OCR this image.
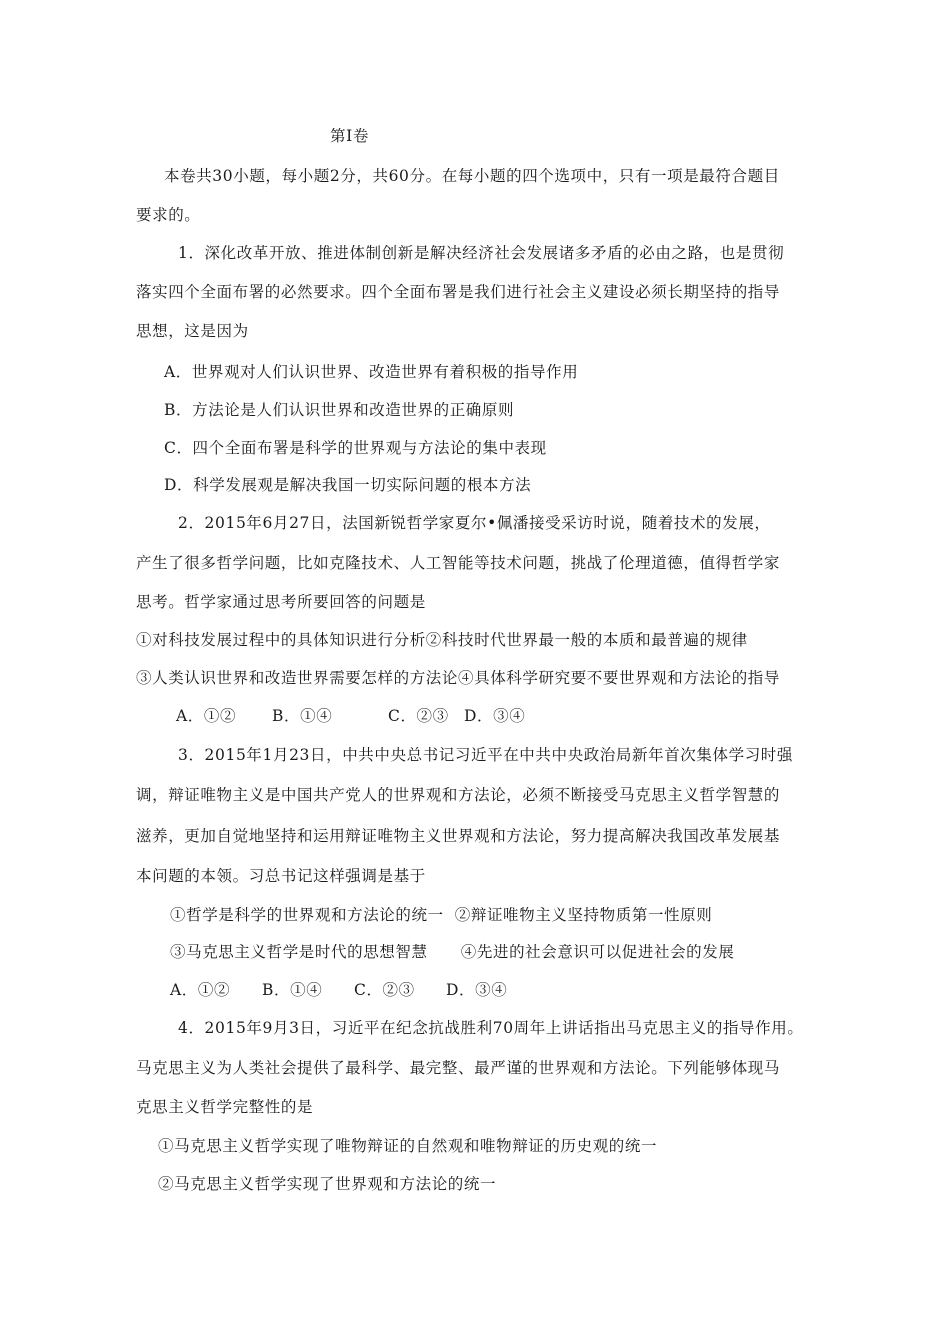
第Ⅰ卷
本卷共30小题，每小题2分，共60分。在每小题的四个选项中，只有一项是最符合题目
要求的。
1．深化改革开放、推进体制创新是解决经济社会发展诸多矛盾的必由之路，也是贯彻
落实四个全面布署的必然要求。四个全面布署是我们进行社会主义建设必须长期坚持的指导
思想，这是因为
A．世界观对人们认识世界、改造世界有着积极的指导作用
B．方法论是人们认识世界和改造世界的正确原则
C．四个全面布署是科学的世界观与方法论的集中表现
D．科学发展观是解决我国一切实际问题的根本方法
2．2015年6月27日，法国新锐哲学家夏尔•佩潘接受采访时说，随着技术的发展，
产生了很多哲学问题，比如克隆技术、人工智能等技术问题，挑战了伦理道德，值得哲学家
思考。哲学家通过思考所要回答的问题是
①对科技发展过程中的具体知识进行分析②科技时代世界最一般的本质和最普遍的规律
③人类认识世界和改造世界需要怎样的方法论④具体科学研究要不要世界观和方法论的指导
A．①② B．①④	C．②③ D．③④
3．2015年1月23日，中共中央总书记习近平在中共中央政治局新年首次集体学习时强
调，辩证唯物主义是中国共产党人的世界观和方法论，必须不断接受马克思主义哲学智慧的
滋养，更加自觉地坚持和运用辩证唯物主义世界观和方法论，努力提高解决我国改革发展基
本问题的本领。习总书记这样强调是基于
①哲学是科学的世界观和方法论的统一  ②辩证唯物主义坚持物质第一性原则
③马克思主义哲学是时代的思想智慧      ④先进的社会意识可以促进社会的发展
A．①② B．①④ C．②③ D．③④
4．2015年9月3日，习近平在纪念抗战胜利70周年上讲话指出马克思主义的指导作用。
马克思主义为人类社会提供了最科学、最完整、最严谨的世界观和方法论。下列能够体现马
克思主义哲学完整性的是
①马克思主义哲学实现了唯物辩证的自然观和唯物辩证的历史观的统一
②马克思主义哲学实现了世界观和方法论的统一
